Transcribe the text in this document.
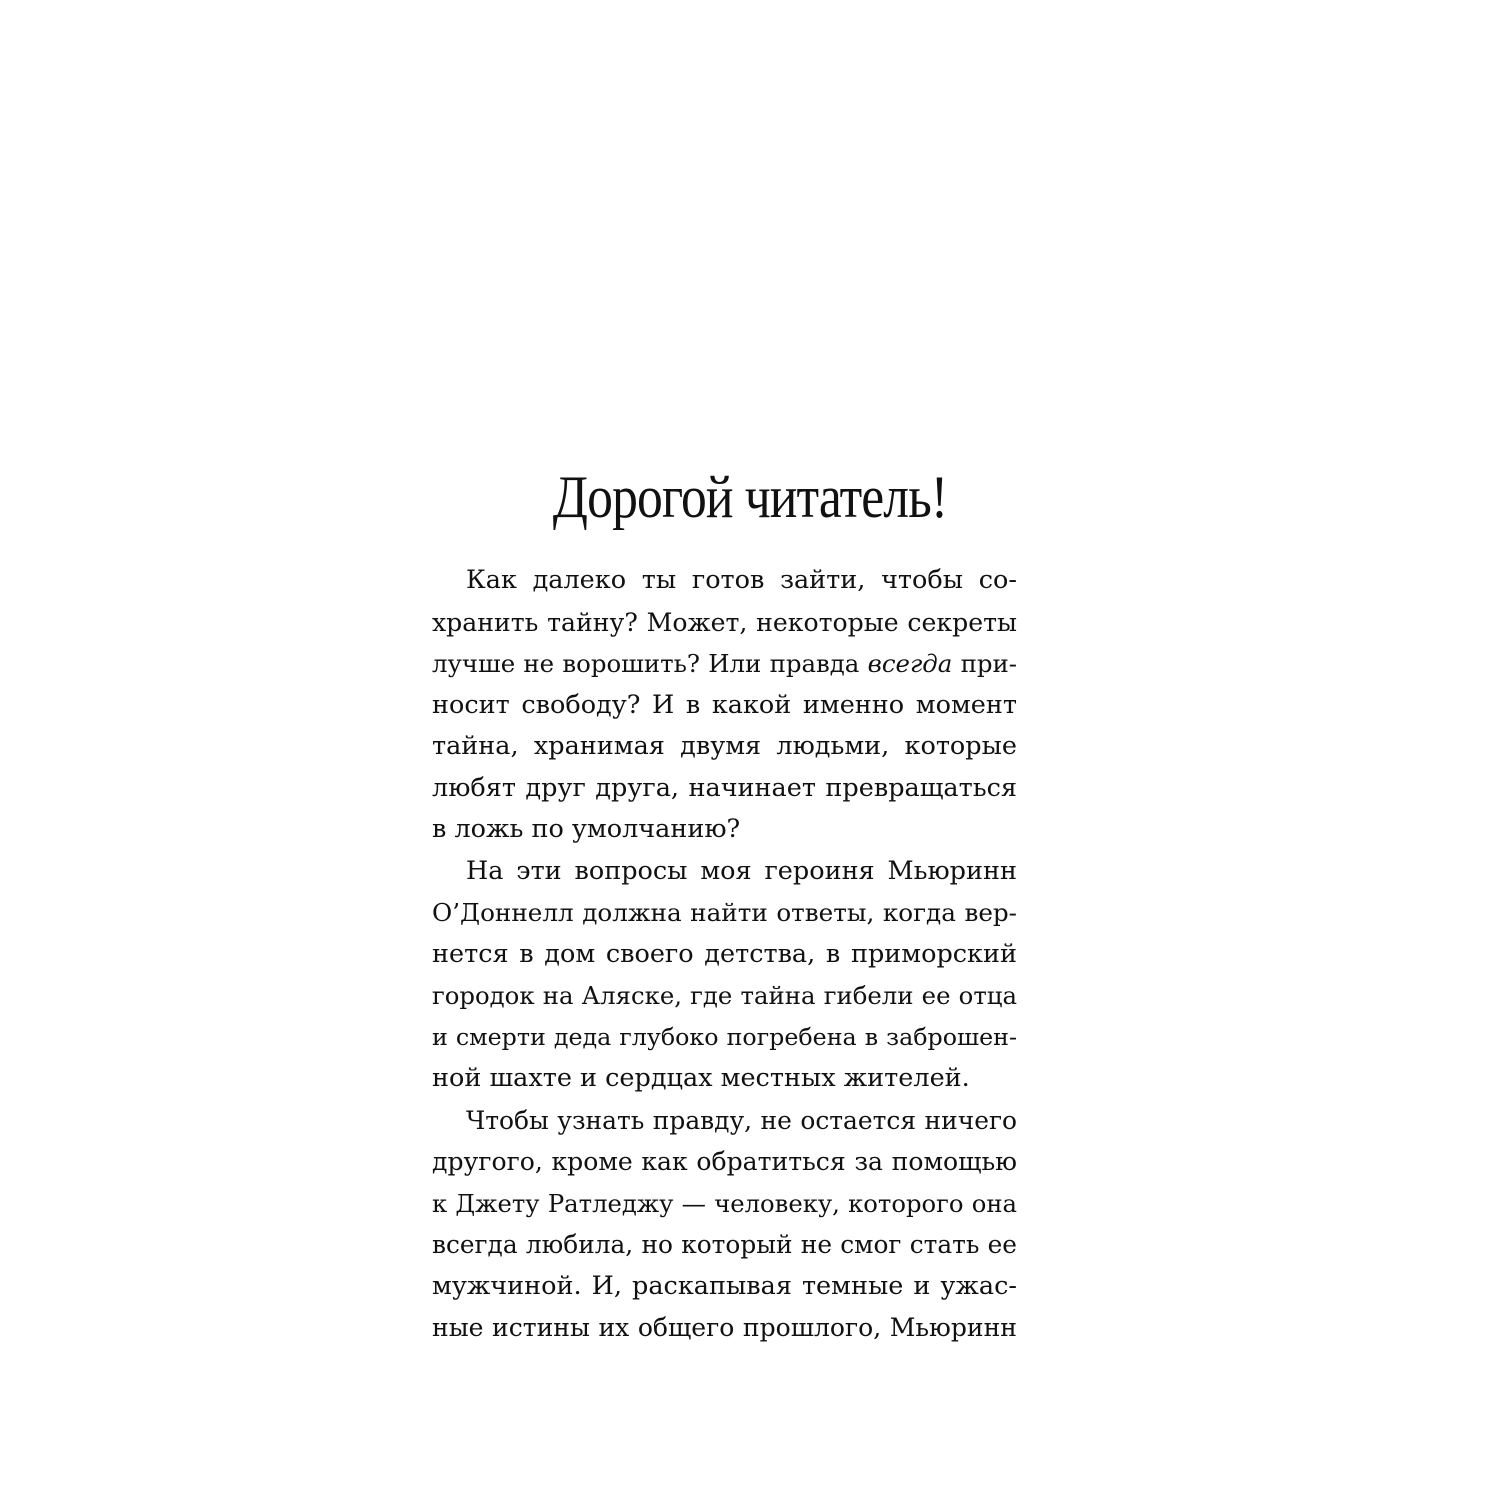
Дорогой читатель!
Как далеко ты готов зайти, чтобы со-
хранить тайну? Может, некоторые секреты
лучше не ворошить? Или правда всегда при-
носит свободу? И в какой именно момент
тайна, хранимая двумя людьми, которые
любят друг друга, начинает превращаться
в ложь по умолчанию?
На эти вопросы моя героиня Мьюринн
О’Доннелл должна найти ответы, когда вер-
нется в дом своего детства, в приморский
городок на Аляске, где тайна гибели ее отца
и смерти деда глубоко погребена в заброшен-
ной шахте и сердцах местных жителей.
Чтобы узнать правду, не остается ничего
другого, кроме как обратиться за помощью
к Джету Ратледжу — человеку, которого она
всегда любила, но который не смог стать ее
мужчиной. И, раскапывая темные и ужас-
ные истины их общего прошлого, Мьюринн
